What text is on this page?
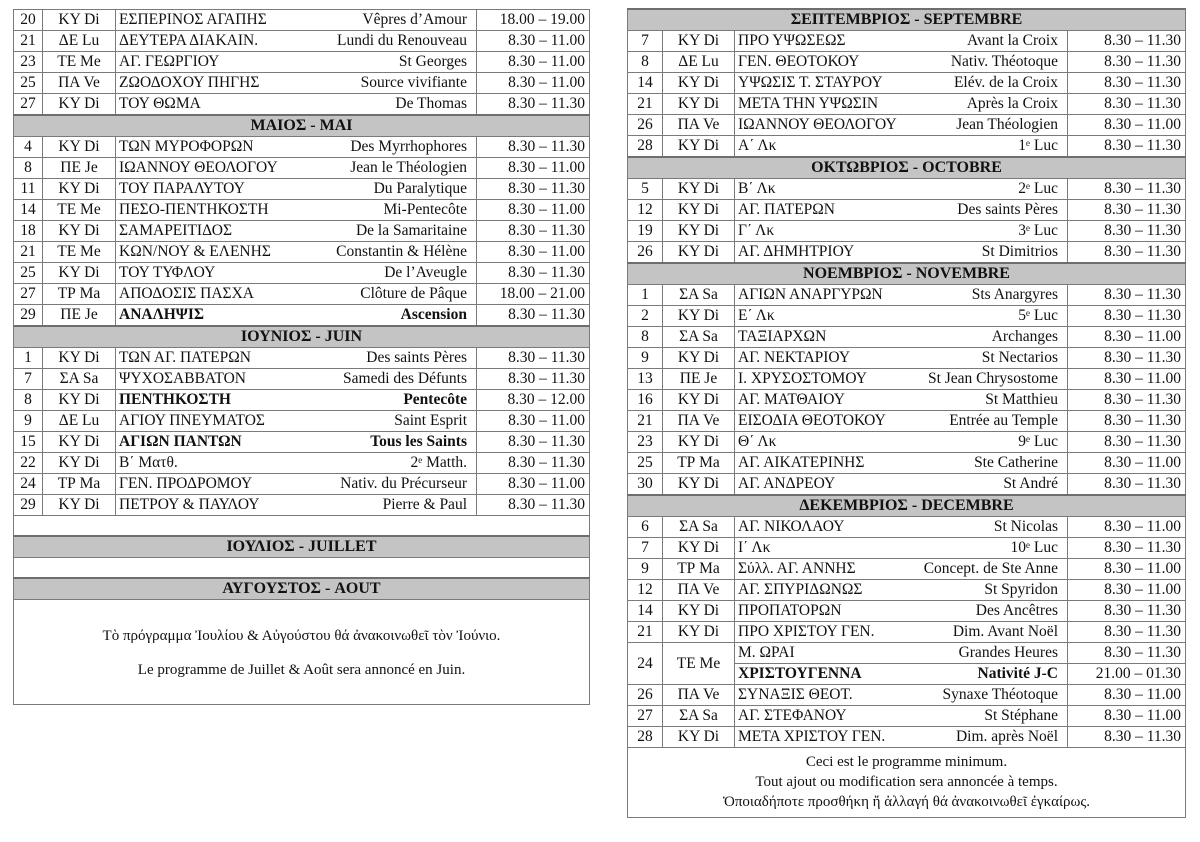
20	ΚΥ Di	ΕΣΠΕΡΙΝΟΣ ΑΓΑΠΗΣ Vêpres d’Amour	18.00 – 19.00
21	ΔΕ Lu	ΔΕΥΤΕΡΑ ΔΙΑΚΑΙΝ. Lundi du Renouveau	8.30 – 11.00
23	ΤΕ Me	ΑΓ. ΓΕΩΡΓΙΟΥ St Georges	8.30 – 11.00
25	ΠΑ Ve	ΖΩΟΔΟΧΟΥ ΠΗΓΗΣ Source vivifiante	8.30 – 11.00
27	ΚΥ Di	ΤΟΥ ΘΩΜΑ De Thomas	8.30 – 11.30
ΜΑΙΟΣ - MAI			
4	ΚΥ Di	ΤΩΝ ΜΥΡΟΦΟΡΩΝ Des Myrrhophores	8.30 – 11.30
8	ΠΕ Je	ΙΩΑΝΝΟΥ ΘΕΟΛΟΓΟΥ Jean le Théologien	8.30 – 11.00
11	ΚΥ Di	ΤΟΥ ΠΑΡΑΛΥΤΟΥ Du Paralytique	8.30 – 11.30
14	ΤΕ Me	ΠΕΣΟ-ΠΕΝΤΗΚΟΣΤΗ Mi-Pentecôte	8.30 – 11.00
18	ΚΥ Di	ΣΑΜΑΡΕΙΤΙΔΟΣ De la Samaritaine	8.30 – 11.30
21	ΤΕ Me	ΚΩΝ/ΝΟΥ & ΕΛΕΝΗΣ Constantin & Hélène	8.30 – 11.00
25	ΚΥ Di	ΤΟΥ ΤΥΦΛΟΥ De l’Aveugle	8.30 – 11.30
27	ΤΡ Ma	ΑΠΟΔΟΣΙΣ ΠΑΣΧΑ Clôture de Pâque	18.00 – 21.00
29	ΠΕ Je	ΑΝΑΛΗΨΙΣ Ascension	8.30 – 11.30
ΙΟΥΝΙΟΣ - JUIN			
1	ΚΥ Di	ΤΩΝ ΑΓ. ΠΑΤΕΡΩΝ Des saints Pères	8.30 – 11.30
7	ΣΑ Sa	ΨΥΧΟΣΑΒΒΑΤΟΝ Samedi des Défunts	8.30 – 11.30
8	ΚΥ Di	ΠΕΝΤΗΚΟΣΤΗ Pentecôte	8.30 – 12.00
9	ΔΕ Lu	ΑΓΙΟΥ ΠΝΕΥΜΑΤΟΣ Saint Esprit	8.30 – 11.00
15	ΚΥ Di	ΑΓΙΩΝ ΠΑΝΤΩΝ Tous les Saints	8.30 – 11.30
22	ΚΥ Di	Β΄ Ματθ. 2ᵉ Matth.	8.30 – 11.30
24	ΤΡ Ma	ΓΕΝ. ΠΡΟΔΡΟΜΟΥ Nativ. du Précurseur	8.30 – 11.00
29	ΚΥ Di	ΠΕΤΡΟΥ & ΠΑΥΛΟΥ Pierre & Paul	8.30 – 11.30

ΙΟΥΛΙΟΣ - JUILLET			

ΑΥΓΟΥΣΤΟΣ - AOUT			

Τὸ πρόγραμμα Ἰουλίου & Αὐγούστου θά ἀνακοινωθεῖ τὸν Ἰούνιο.
Le programme de Juillet & Août sera annoncé en Juin.			
ΣΕΠΤΕΜΒΡΙΟΣ - SEPTEMBRE			
7	ΚΥ Di	ΠΡΟ ΥΨΩΣΕΩΣ Avant la Croix	8.30 – 11.30
8	ΔΕ Lu	ΓΕΝ. ΘΕΟΤΟΚΟΥ Nativ. Théotoque	8.30 – 11.30
14	ΚΥ Di	ΥΨΩΣΙΣ Τ. ΣΤΑΥΡΟΥ Elév. de la Croix	8.30 – 11.30
21	ΚΥ Di	ΜΕΤΑ ΤΗΝ ΥΨΩΣΙΝ Après la Croix	8.30 – 11.30
26	ΠΑ Ve	ΙΩΑΝΝΟΥ ΘΕΟΛΟΓΟΥ Jean Théologien	8.30 – 11.00
28	ΚΥ Di	Α΄ Λκ 1ᵉ Luc	8.30 – 11.30
ΟΚΤΩΒΡΙΟΣ - OCTOBRE			
5	ΚΥ Di	Β΄ Λκ 2ᵉ Luc	8.30 – 11.30
12	ΚΥ Di	ΑΓ. ΠΑΤΕΡΩΝ Des saints Pères	8.30 – 11.30
19	ΚΥ Di	Γ΄ Λκ 3ᵉ Luc	8.30 – 11.30
26	ΚΥ Di	ΑΓ. ΔΗΜΗΤΡΙΟΥ St Dimitrios	8.30 – 11.30
ΝΟΕΜΒΡΙΟΣ - NOVEMBRE			
1	ΣΑ Sa	ΑΓΙΩΝ ΑΝΑΡΓΥΡΩΝ Sts Anargyres	8.30 – 11.30
2	ΚΥ Di	Ε΄ Λκ 5ᵉ Luc	8.30 – 11.30
8	ΣΑ Sa	ΤΑΞΙΑΡΧΩΝ Archanges	8.30 – 11.00
9	ΚΥ Di	ΑΓ. ΝΕΚΤΑΡΙΟΥ St Nectarios	8.30 – 11.30
13	ΠΕ Je	Ι. ΧΡΥΣΟΣΤΟΜΟΥ St Jean Chrysostome	8.30 – 11.00
16	ΚΥ Di	ΑΓ. ΜΑΤΘΑΙΟΥ St Matthieu	8.30 – 11.30
21	ΠΑ Ve	ΕΙΣΟΔΙΑ ΘΕΟΤΟΚΟΥ Entrée au Temple	8.30 – 11.30
23	ΚΥ Di	Θ΄ Λκ 9ᵉ Luc	8.30 – 11.30
25	ΤΡ Ma	ΑΓ. ΑΙΚΑΤΕΡΙΝΗΣ Ste Catherine	8.30 – 11.00
30	ΚΥ Di	ΑΓ. ΑΝΔΡΕΟΥ St André	8.30 – 11.30
ΔΕΚΕΜΒΡΙΟΣ - DECEMBRE			
6	ΣΑ Sa	ΑΓ. ΝΙΚΟΛΑΟΥ St Nicolas	8.30 – 11.00
7	ΚΥ Di	Ι΄ Λκ 10ᵉ Luc	8.30 – 11.30
9	ΤΡ Ma	Σύλλ. ΑΓ. ΑΝΝΗΣ Concept. de Ste Anne	8.30 – 11.00
12	ΠΑ Ve	ΑΓ. ΣΠΥΡΙΔΩΝΩΣ St Spyridon	8.30 – 11.00
14	ΚΥ Di	ΠΡΟΠΑΤΟΡΩΝ Des Ancêtres	8.30 – 11.30
21	ΚΥ Di	ΠΡΟ ΧΡΙΣΤΟΥ ΓΕΝ. Dim. Avant Noël	8.30 – 11.30
24	ΤΕ Me	Μ. ΩΡΑΙ Grandes Heures	8.30 – 11.30

		ΧΡΙΣΤΟΥΓΕΝΝΑ Nativité J-C	21.00 – 01.30
26	ΠΑ Ve	ΣΥΝΑΞΙΣ ΘΕΟΤ. Synaxe Théotoque	8.30 – 11.00
27	ΣΑ Sa	ΑΓ. ΣΤΕΦΑΝΟΥ St Stéphane	8.30 – 11.00
28	ΚΥ Di	ΜΕΤΑ ΧΡΙΣΤΟΥ ΓΕΝ. Dim. après Noël	8.30 – 11.30

Ceci est le programme minimum.
Tout ajout ou modification sera annoncée à temps.
Ὁποιαδήποτε προσθήκη ἤ ἀλλαγή θά ἀνακοινωθεῖ ἐγκαίρως.			
